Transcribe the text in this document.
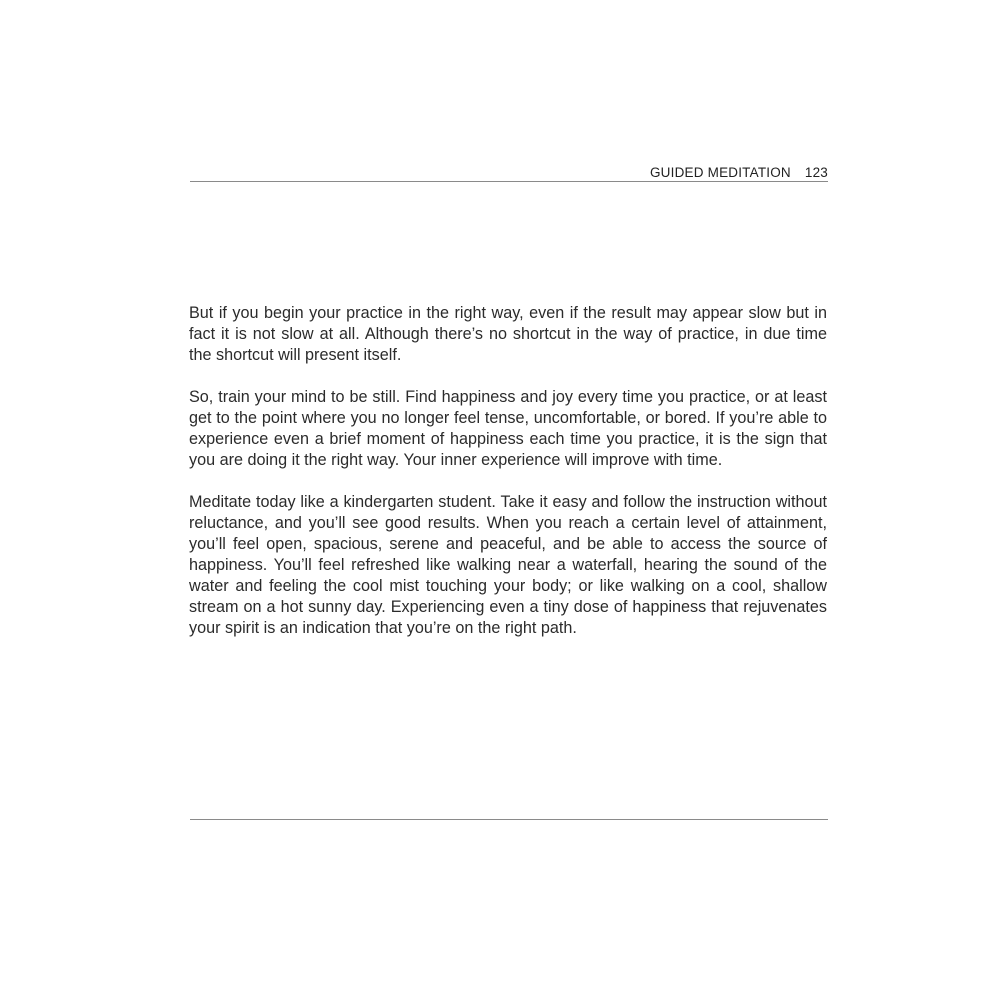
GUIDED MEDITATION 123

But if you begin your practice in the right way, even if the result may appear slow but in fact it is not slow at all. Although there’s no shortcut in the way of practice, in due time the shortcut will present itself.

So, train your mind to be still. Find happiness and joy every time you practice, or at least get to the point where you no longer feel tense, uncomfortable, or bored. If you’re able to experience even a brief moment of happiness each time you practice, it is the sign that you are doing it the right way. Your inner experience will improve with time.

Meditate today like a kindergarten student. Take it easy and follow the instruction without reluctance, and you’ll see good results. When you reach a certain level of attainment, you’ll feel open, spacious, serene and peaceful, and be able to access the source of happiness. You’ll feel refreshed like walking near a waterfall, hearing the sound of the water and feeling the cool mist touching your body; or like walking on a cool, shallow stream on a hot sunny day. Experiencing even a tiny dose of happiness that rejuvenates your spirit is an indication that you’re on the right path.
